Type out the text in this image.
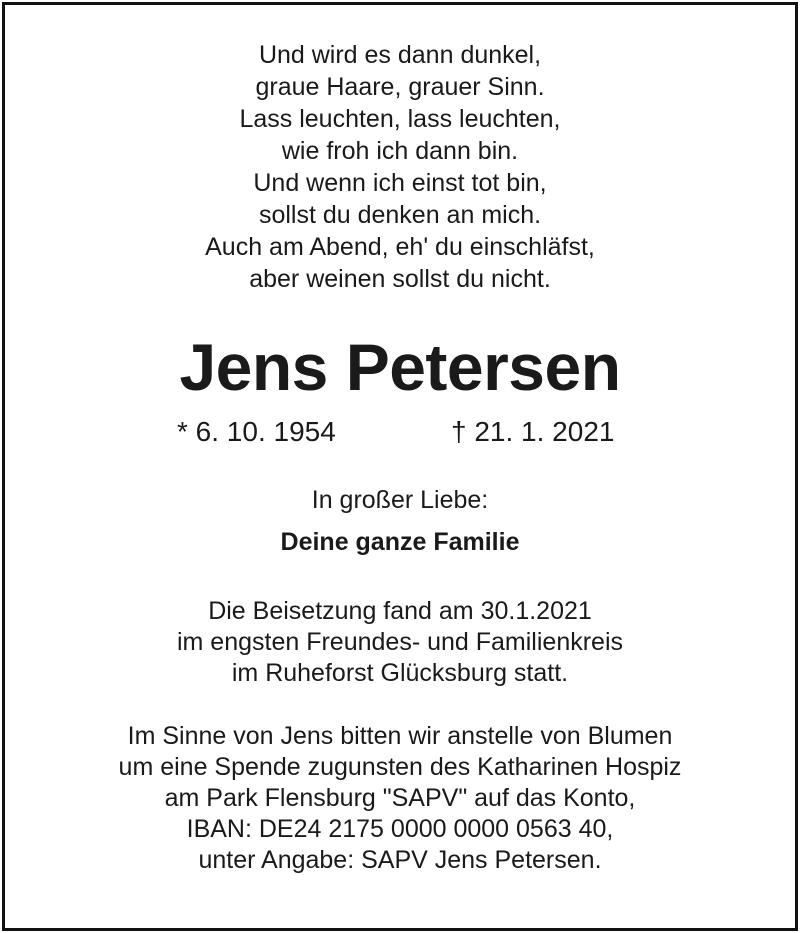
Und wird es dann dunkel,
graue Haare, grauer Sinn.
Lass leuchten, lass leuchten,
wie froh ich dann bin.
Und wenn ich einst tot bin,
sollst du denken an mich.
Auch am Abend, eh' du einschläfst,
aber weinen sollst du nicht.
Jens Petersen
* 6. 10. 1954	† 21. 1. 2021
In großer Liebe:
Deine ganze Familie
Die Beisetzung fand am 30.1.2021
im engsten Freundes- und Familienkreis
im Ruheforst Glücksburg statt.
Im Sinne von Jens bitten wir anstelle von Blumen
um eine Spende zugunsten des Katharinen Hospiz
am Park Flensburg "SAPV" auf das Konto,
IBAN: DE24 2175 0000 0000 0563 40,
unter Angabe: SAPV Jens Petersen.
